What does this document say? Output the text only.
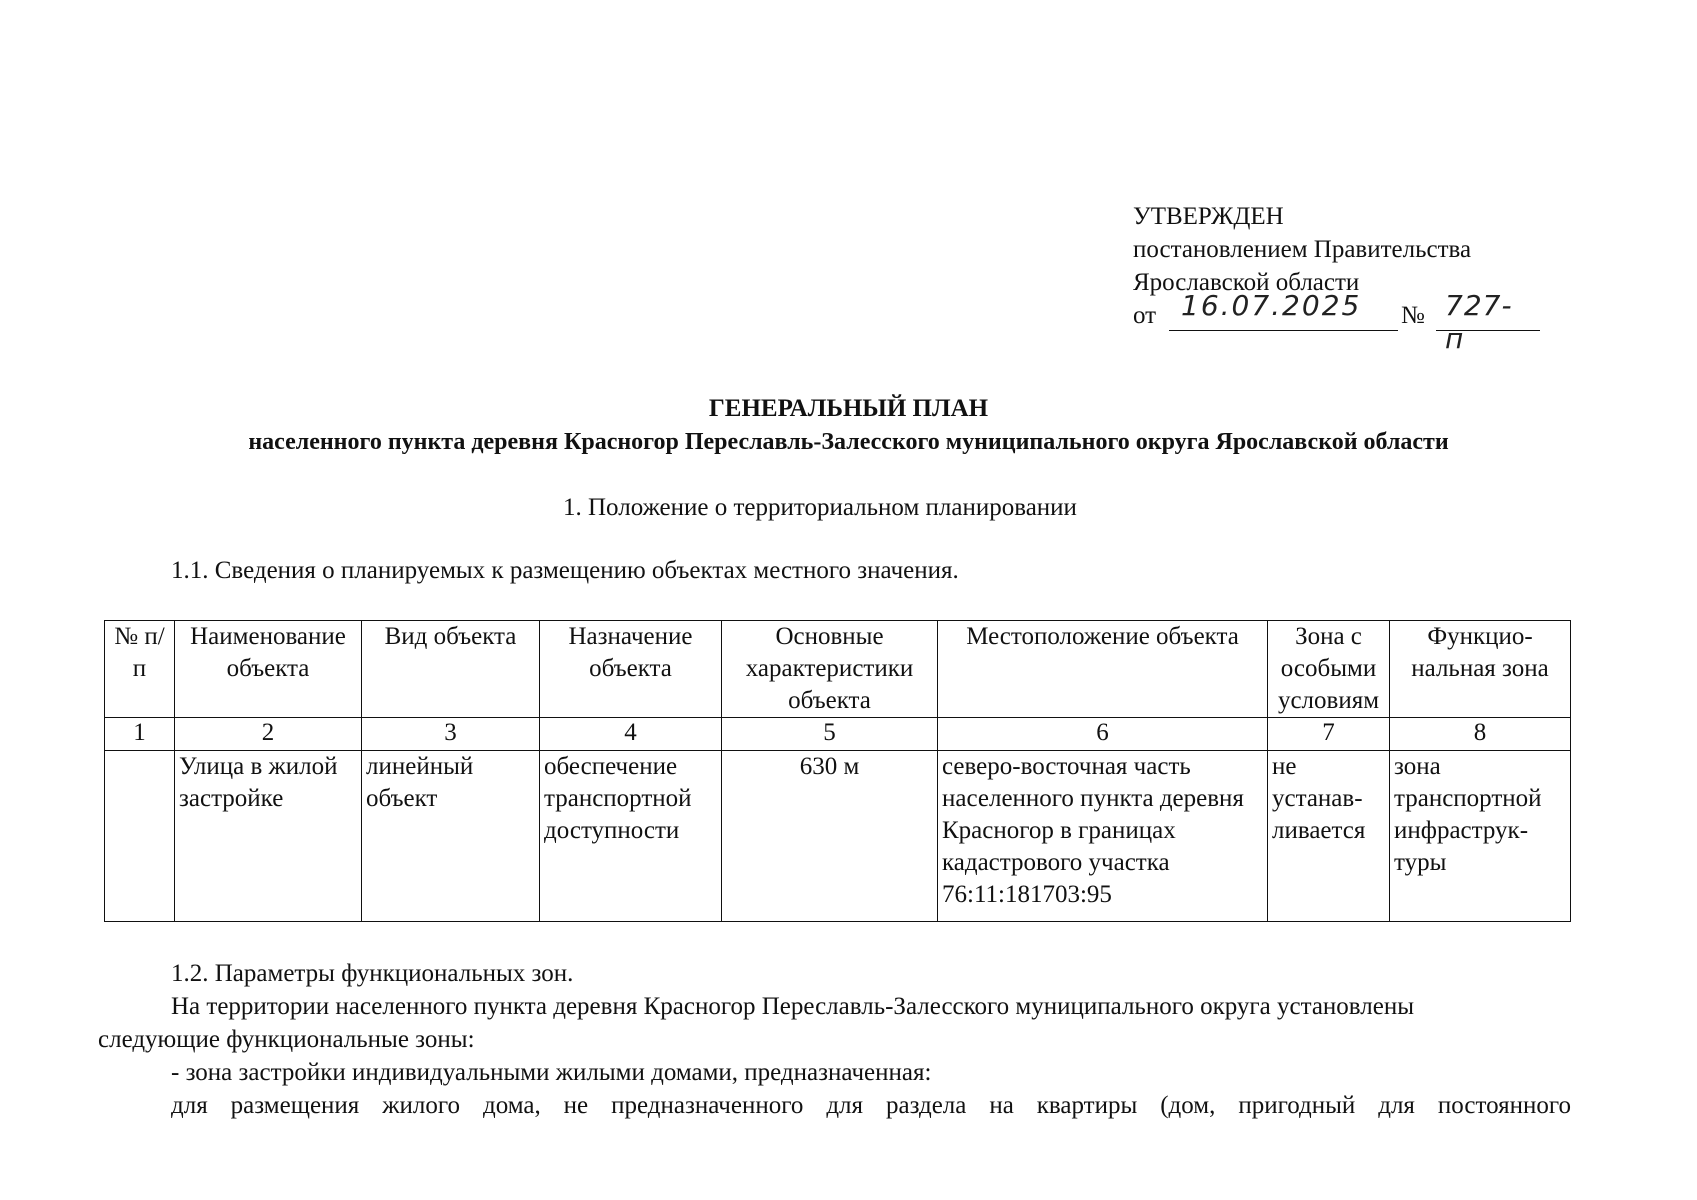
УТВЕРЖДЕН
постановлением Правительства
Ярославской области
от 16.07.2025 № 727-п
ГЕНЕРАЛЬНЫЙ ПЛАН
населенного пункта деревня Красногор Переславль-Залесского муниципального округа Ярославской области
1. Положение о территориальном планировании
1.1. Сведения о планируемых к размещению объектах местного значения.
№ п/п	Наименование объекта	Вид объекта	Назначение объекта	Основные характеристики объекта	Местоположение объекта	Зона с особыми условиям	Функцио-нальная зона
1	2	3	4	5	6	7	8
	Улица в жилой застройке	линейный объект	обеспечение транспортной доступности	630 м	северо-восточная часть населенного пункта деревня Красногор в границах кадастрового участка 76:11:181703:95	не устанав-ливается	зона транспортной инфраструк-туры
1.2. Параметры функциональных зон.
На территории населенного пункта деревня Красногор Переславль-Залесского муниципального округа установлены
следующие функциональные зоны:
- зона застройки индивидуальными жилыми домами, предназначенная:
для размещения жилого дома, не предназначенного для раздела на квартиры (дом, пригодный для постоянного
